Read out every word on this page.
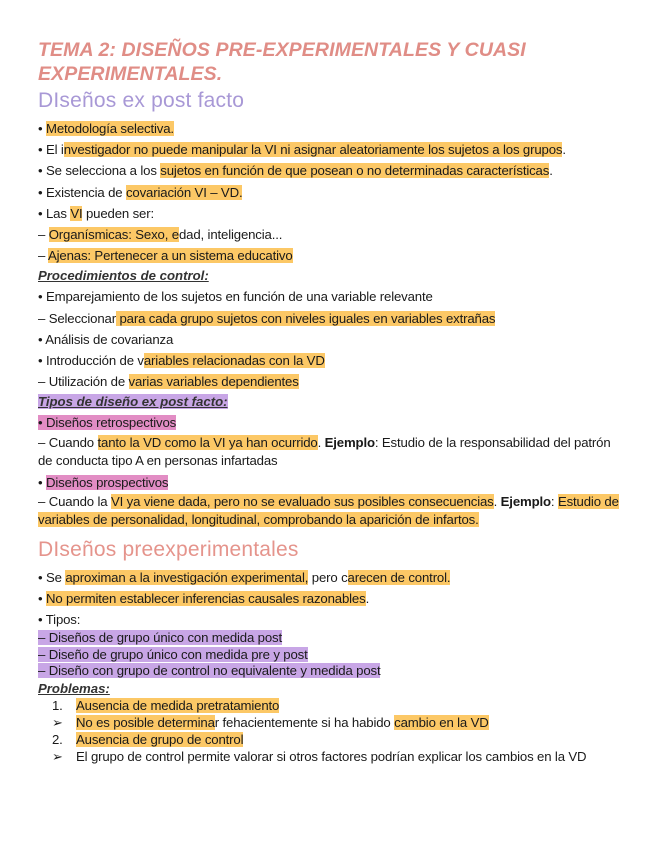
TEMA 2: DISEÑOS PRE-EXPERIMENTALES Y CUASI EXPERIMENTALES.

DIseños ex post facto
• Metodología selectiva.
• El investigador no puede manipular la VI ni asignar aleatoriamente los sujetos a los grupos.
• Se selecciona a los sujetos en función de que posean o no determinadas características.
• Existencia de covariación VI – VD.
• Las VI pueden ser:
– Organísmicas: Sexo, edad, inteligencia...
– Ajenas: Pertenecer a un sistema educativo
Procedimientos de control:
• Emparejamiento de los sujetos en función de una variable relevante
– Seleccionar para cada grupo sujetos con niveles iguales en variables extrañas
• Análisis de covarianza
• Introducción de variables relacionadas con la VD
– Utilización de varias variables dependientes
Tipos de diseño ex post facto:
• Diseños retrospectivos
– Cuando tanto la VD como la VI ya han ocurrido. Ejemplo: Estudio de la responsabilidad del patrón de conducta tipo A en personas infartadas
• Diseños prospectivos
– Cuando la VI ya viene dada, pero no se evaluado sus posibles consecuencias. Ejemplo: Estudio de variables de personalidad, longitudinal, comprobando la aparición de infartos.
DIseños preexperimentales
• Se aproximan a la investigación experimental, pero carecen de control.
• No permiten establecer inferencias causales razonables.
• Tipos:
– Diseños de grupo único con medida post
– Diseño de grupo único con medida pre y post
– Diseño con grupo de control no equivalente y medida post
Problemas:
1. Ausencia de medida pretratamiento
➢ No es posible determinar fehacientemente si ha habido cambio en la VD
2. Ausencia de grupo de control
➢ El grupo de control permite valorar si otros factores podrían explicar los cambios en la VD
